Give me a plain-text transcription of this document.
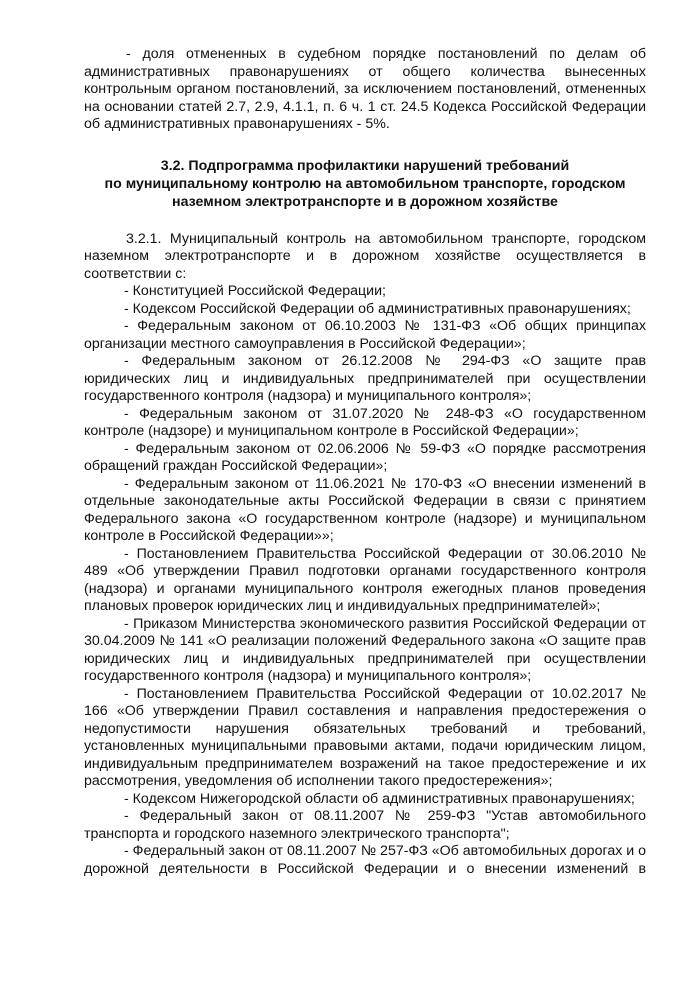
- доля отмененных в судебном порядке постановлений по делам об административных правонарушениях от общего количества вынесенных контрольным органом постановлений, за исключением постановлений, отмененных на основании статей 2.7, 2.9, 4.1.1, п. 6 ч. 1 ст. 24.5 Кодекса Российской Федерации об административных правонарушениях - 5%.

3.2. Подпрограмма профилактики нарушений требований
по муниципальному контролю на автомобильном транспорте, городском
наземном электротранспорте и в дорожном хозяйстве

3.2.1. Муниципальный контроль на автомобильном транспорте, городском наземном электротранспорте и в дорожном хозяйстве осуществляется в соответствии с:

- Конституцией Российской Федерации;

- Кодексом Российской Федерации об административных правонарушениях;

- Федеральным законом от 06.10.2003 № 131-ФЗ «Об общих принципах организации местного самоуправления в Российской Федерации»;

- Федеральным законом от 26.12.2008 № 294-ФЗ «О защите прав юридических лиц и индивидуальных предпринимателей при осуществлении государственного контроля (надзора) и муниципального контроля»;

- Федеральным законом от 31.07.2020 № 248-ФЗ «О государственном контроле (надзоре) и муниципальном контроле в Российской Федерации»;

- Федеральным законом от 02.06.2006 № 59-ФЗ «О порядке рассмотрения обращений граждан Российской Федерации»;

- Федеральным законом от 11.06.2021 № 170-ФЗ «О внесении изменений в отдельные законодательные акты Российской Федерации в связи с принятием Федерального закона «О государственном контроле (надзоре) и муниципальном контроле в Российской Федерации»»;

- Постановлением Правительства Российской Федерации от 30.06.2010 № 489 «Об утверждении Правил подготовки органами государственного контроля (надзора) и органами муниципального контроля ежегодных планов проведения плановых проверок юридических лиц и индивидуальных предпринимателей»;

- Приказом Министерства экономического развития Российской Федерации от 30.04.2009 № 141 «О реализации положений Федерального закона «О защите прав юридических лиц и индивидуальных предпринимателей при осуществлении государственного контроля (надзора) и муниципального контроля»;

- Постановлением Правительства Российской Федерации от 10.02.2017 № 166 «Об утверждении Правил составления и направления предостережения о недопустимости нарушения обязательных требований и требований, установленных муниципальными правовыми актами, подачи юридическим лицом, индивидуальным предпринимателем возражений на такое предостережение и их рассмотрения, уведомления об исполнении такого предостережения»;

- Кодексом Нижегородской области об административных правонарушениях;

- Федеральный закон от 08.11.2007 № 259-ФЗ "Устав автомобильного транспорта и городского наземного электрического транспорта";

- Федеральный закон от 08.11.2007 № 257-ФЗ «Об автомобильных дорогах и о дорожной деятельности в Российской Федерации и о внесении изменений в
